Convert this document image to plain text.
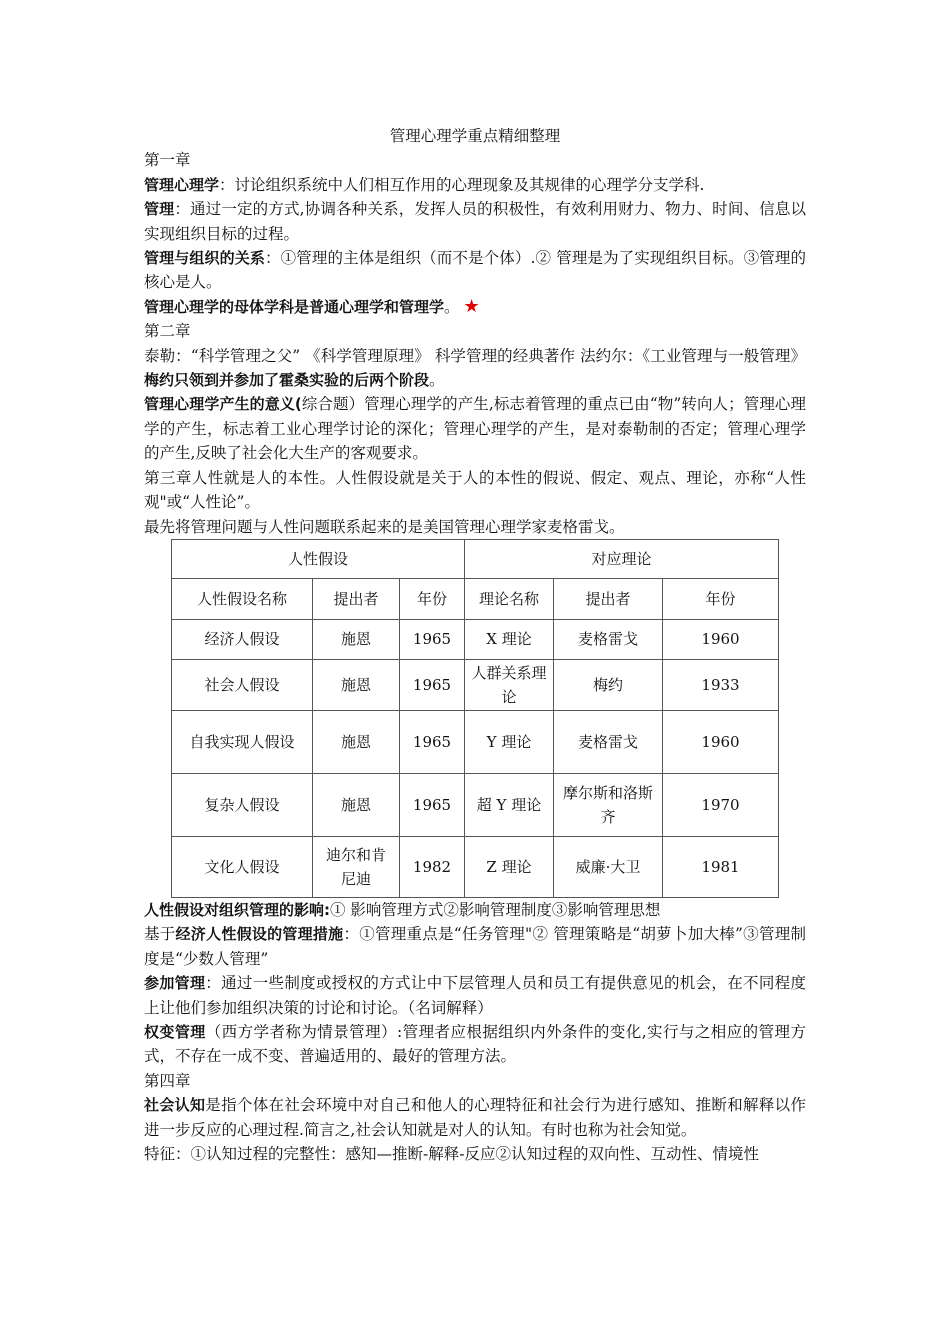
管理心理学重点精细整理

第一章

管理心理学：讨论组织系统中人们相互作用的心理现象及其规律的心理学分支学科.

管理：通过一定的方式,协调各种关系，发挥人员的积极性，有效利用财力、物力、时间、信息以实现组织目标的过程。

管理与组织的关系：①管理的主体是组织（而不是个体）.② 管理是为了实现组织目标。③管理的核心是人。

管理心理学的母体学科是普通心理学和管理学。 ★

第二章

泰勒：“科学管理之父” 《科学管理原理》 科学管理的经典著作 法约尔：《工业管理与一般管理》梅约只领到并参加了霍桑实验的后两个阶段。

管理心理学产生的意义(综合题）管理心理学的产生,标志着管理的重点已由“物”转向人；管理心理学的产生，标志着工业心理学讨论的深化；管理心理学的产生，是对泰勒制的否定；管理心理学的产生,反映了社会化大生产的客观要求。

第三章人性就是人的本性。人性假设就是关于人的本性的假说、假定、观点、理论，亦称“人性观"或“人性论”。

最先将管理问题与人性问题联系起来的是美国管理心理学家麦格雷戈。

人性假设			对应理论		
人性假设名称	提出者	年份	理论名称	提出者	年份
经济人假设	施恩	1965	X 理论	麦格雷戈	1960
社会人假设	施恩	1965	人群关系理论	梅约	1933
自我实现人假设	施恩	1965	Y 理论	麦格雷戈	1960
复杂人假设	施恩	1965	超 Y 理论	摩尔斯和洛斯齐	1970
文化人假设	迪尔和肯尼迪	1982	Z 理论	威廉·大卫	1981

人性假设对组织管理的影响:① 影响管理方式②影响管理制度③影响管理思想

基于经济人性假设的管理措施：①管理重点是“任务管理"② 管理策略是“胡萝卜加大棒”③管理制度是“少数人管理”

参加管理：通过一些制度或授权的方式让中下层管理人员和员工有提供意见的机会，在不同程度上让他们参加组织决策的讨论和讨论。（名词解释）

权变管理（西方学者称为情景管理）:管理者应根据组织内外条件的变化,实行与之相应的管理方式，不存在一成不变、普遍适用的、最好的管理方法。

第四章

社会认知是指个体在社会环境中对自己和他人的心理特征和社会行为进行感知、推断和解释以作进一步反应的心理过程.简言之,社会认知就是对人的认知。有时也称为社会知觉。

特征：①认知过程的完整性：感知—推断-解释-反应②认知过程的双向性、互动性、情境性
